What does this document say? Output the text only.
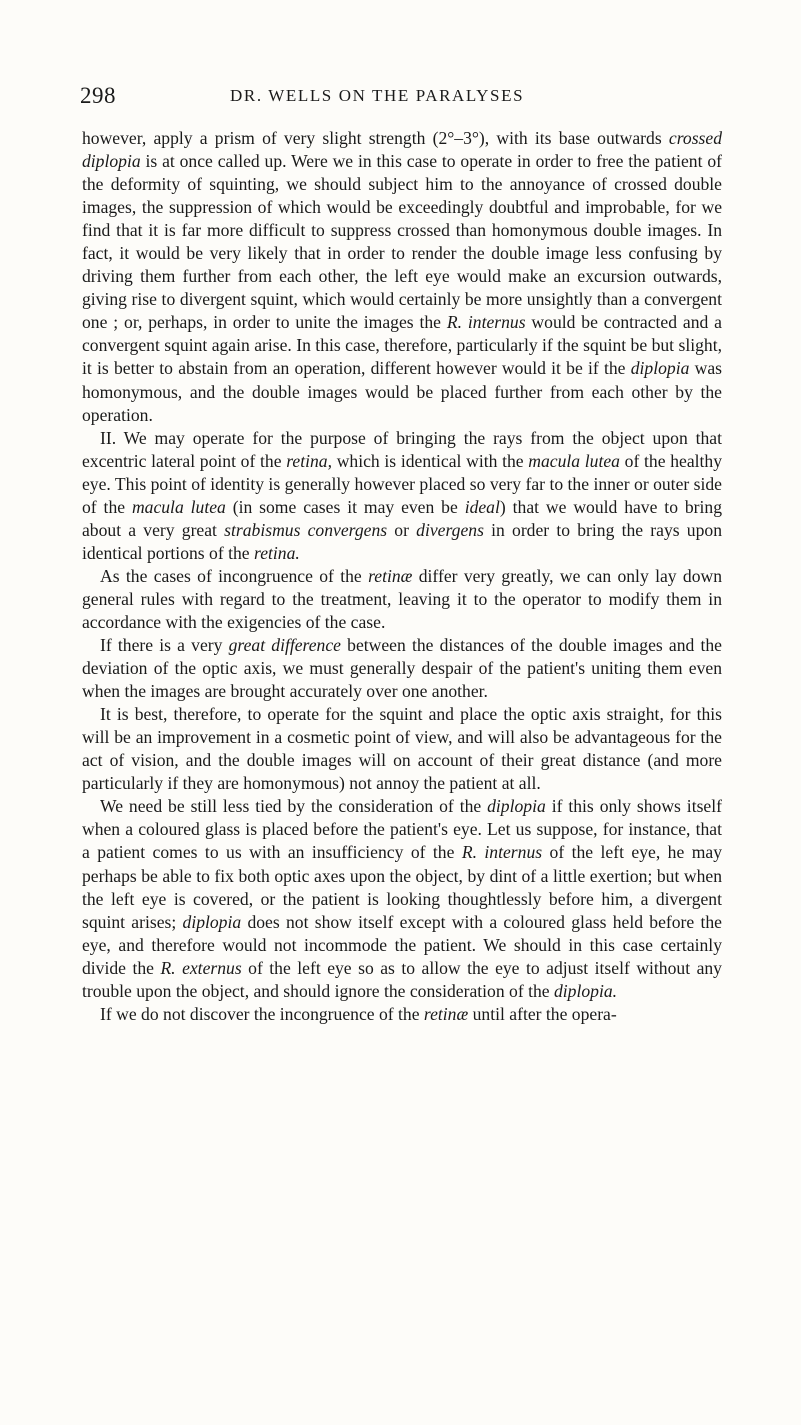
298	DR. WELLS ON THE PARALYSES

however, apply a prism of very slight strength (2°–3°), with its base outwards crossed diplopia is at once called up. Were we in this case to operate in order to free the patient of the deformity of squinting, we should subject him to the annoyance of crossed double images, the suppression of which would be exceedingly doubtful and improbable, for we find that it is far more difficult to suppress crossed than homonymous double images. In fact, it would be very likely that in order to render the double image less confusing by driving them further from each other, the left eye would make an excursion outwards, giving rise to divergent squint, which would certainly be more unsightly than a convergent one ; or, perhaps, in order to unite the images the R. internus would be contracted and a convergent squint again arise. In this case, therefore, particularly if the squint be but slight, it is better to abstain from an operation, different however would it be if the diplopia was homonymous, and the double images would be placed further from each other by the operation.

II. We may operate for the purpose of bringing the rays from the object upon that excentric lateral point of the retina, which is identical with the macula lutea of the healthy eye. This point of identity is generally however placed so very far to the inner or outer side of the macula lutea (in some cases it may even be ideal) that we would have to bring about a very great strabismus convergens or divergens in order to bring the rays upon identical portions of the retina.

As the cases of incongruence of the retinæ differ very greatly, we can only lay down general rules with regard to the treatment, leaving it to the operator to modify them in accordance with the exigencies of the case.

If there is a very great difference between the distances of the double images and the deviation of the optic axis, we must generally despair of the patient's uniting them even when the images are brought accurately over one another.

It is best, therefore, to operate for the squint and place the optic axis straight, for this will be an improvement in a cosmetic point of view, and will also be advantageous for the act of vision, and the double images will on account of their great distance (and more particularly if they are homonymous) not annoy the patient at all.

We need be still less tied by the consideration of the diplopia if this only shows itself when a coloured glass is placed before the patient's eye. Let us suppose, for instance, that a patient comes to us with an insufficiency of the R. internus of the left eye, he may perhaps be able to fix both optic axes upon the object, by dint of a little exertion; but when the left eye is covered, or the patient is looking thoughtlessly before him, a divergent squint arises; diplopia does not show itself except with a coloured glass held before the eye, and therefore would not incommode the patient. We should in this case certainly divide the R. externus of the left eye so as to allow the eye to adjust itself without any trouble upon the object, and should ignore the consideration of the diplopia.

If we do not discover the incongruence of the retinæ until after the opera-
